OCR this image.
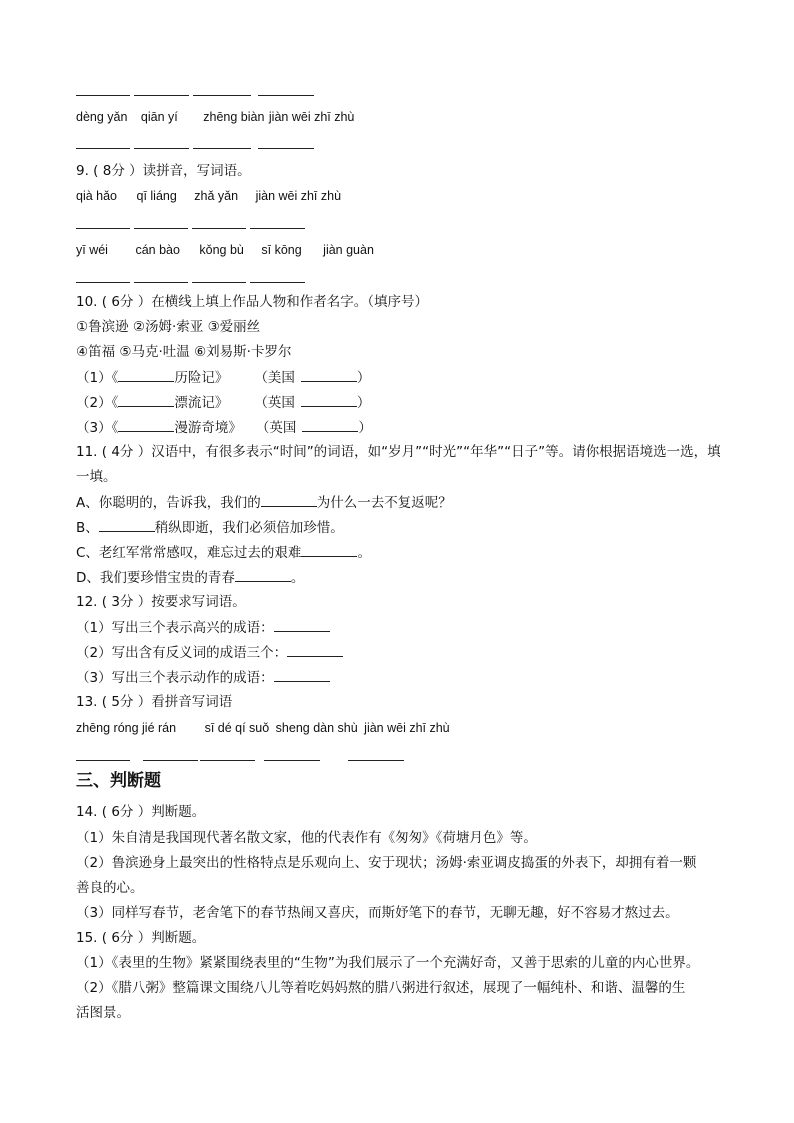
dèng yǎn qiān yí zhēng biàn jiàn wēi zhī zhù
9. ( 8分 ）读拼音，写词语。
qià hǎo qī liáng zhǎ yǎn jiàn wēi zhī zhù
yī wéi cán bào kǒng bù sī kōng jiàn guàn
10. ( 6分 ）在横线上填上作品人物和作者名字。（填序号）
①鲁滨逊 ②汤姆·索亚 ③爱丽丝
④笛福 ⑤马克·吐温 ⑥刘易斯·卡罗尔
（1）《	历险记》 （美国	）
（2）《	漂流记》 （英国	）
（3）《	漫游奇境》 （英国	）
11. ( 4分 ）汉语中，有很多表示“时间”的词语，如“岁月”“时光”“年华”“日子”等。请你根据语境选一选，填
一填。
A、你聪明的，告诉我，我们的	为什么一去不复返呢？
B、	稍纵即逝，我们必须倍加珍惜。
C、老红军常常感叹，难忘过去的艰难	。
D、我们要珍惜宝贵的青春	。
12. ( 3分 ）按要求写词语。
（1）写出三个表示高兴的成语：
（2）写出含有反义词的成语三个：
（3）写出三个表示动作的成语：
13. ( 5分 ）看拼音写词语
zhēng róng jié rán sī dé qí suǒ sheng dàn shù jiàn wēi zhī zhù
三、判断题
14. ( 6分 ）判断题。
（1）朱自清是我国现代著名散文家，他的代表作有《匆匆》《荷塘月色》等。
（2）鲁滨逊身上最突出的性格特点是乐观向上、安于现状；汤姆·索亚调皮捣蛋的外表下，却拥有着一颗
善良的心。
（3）同样写春节，老舍笔下的春节热闹又喜庆，而斯妤笔下的春节，无聊无趣，好不容易才熬过去。
15. ( 6分 ）判断题。
（1）《表里的生物》紧紧围绕表里的“生物”为我们展示了一个充满好奇，又善于思索的儿童的内心世界。
（2）《腊八粥》整篇课文围绕八儿等着吃妈妈熬的腊八粥进行叙述，展现了一幅纯朴、和谐、温馨的生
活图景。
